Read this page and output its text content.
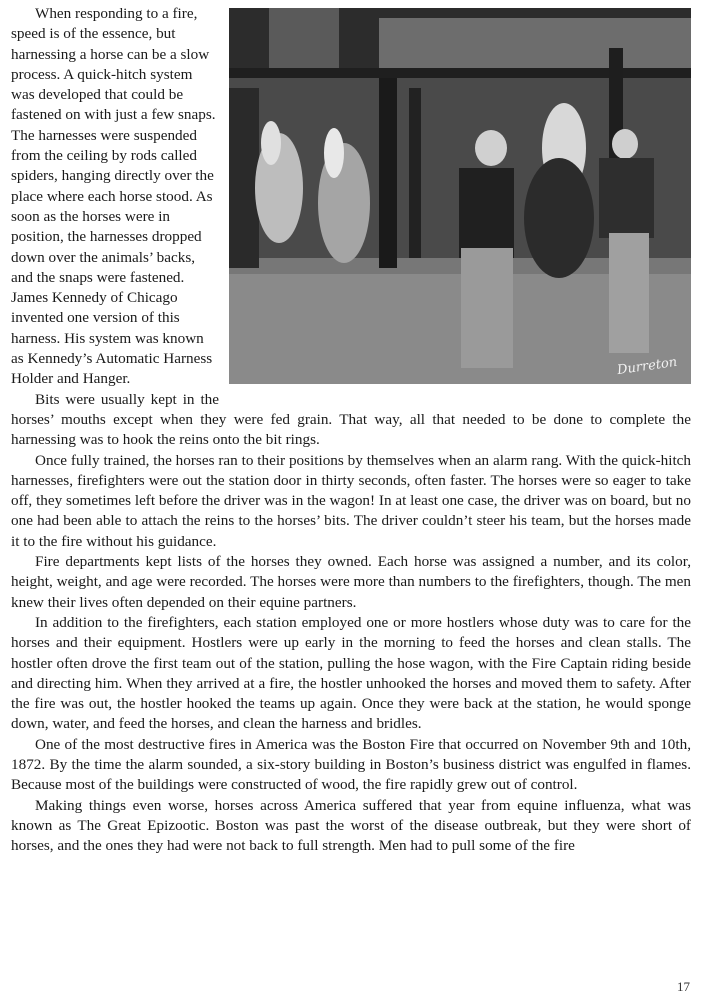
Durreton

When responding to a fire, speed is of the essence, but harnessing a horse can be a slow process. A quick-hitch system was developed that could be fastened on with just a few snaps. The harnesses were suspended from the ceiling by rods called spiders, hanging directly over the place where each horse stood. As soon as the horses were in position, the harnesses dropped down over the animals’ backs, and the snaps were fastened. James Kennedy of Chicago invented one version of this harness. His system was known as Kennedy’s Automatic Harness Holder and Hanger.

Bits were usually kept in the horses’ mouths except when they were fed grain. That way, all that needed to be done to complete the harnessing was to hook the reins onto the bit rings.

Once fully trained, the horses ran to their positions by themselves when an alarm rang. With the quick-hitch harnesses, firefighters were out the station door in thirty seconds, often faster. The horses were so eager to take off, they sometimes left before the driver was in the wagon! In at least one case, the driver was on board, but no one had been able to attach the reins to the horses’ bits. The driver couldn’t steer his team, but the horses made it to the fire without his guidance.

Fire departments kept lists of the horses they owned. Each horse was assigned a number, and its color, height, weight, and age were recorded. The horses were more than numbers to the firefighters, though. The men knew their lives often depended on their equine partners.

In addition to the firefighters, each station employed one or more hostlers whose duty was to care for the horses and their equipment. Hostlers were up early in the morning to feed the horses and clean stalls. The hostler often drove the first team out of the station, pulling the hose wagon, with the Fire Captain riding beside and directing him. When they arrived at a fire, the hostler unhooked the horses and moved them to safety. After the fire was out, the hostler hooked the teams up again. Once they were back at the station, he would sponge down, water, and feed the horses, and clean the harness and bridles.

One of the most destructive fires in America was the Boston Fire that occurred on November 9th and 10th, 1872. By the time the alarm sounded, a six-story building in Boston’s business district was engulfed in flames. Because most of the buildings were constructed of wood, the fire rapidly grew out of control.

Making things even worse, horses across America suffered that year from equine influenza, what was known as The Great Epizootic. Boston was past the worst of the disease outbreak, but they were short of horses, and the ones they had were not back to full strength. Men had to pull some of the fire

17
